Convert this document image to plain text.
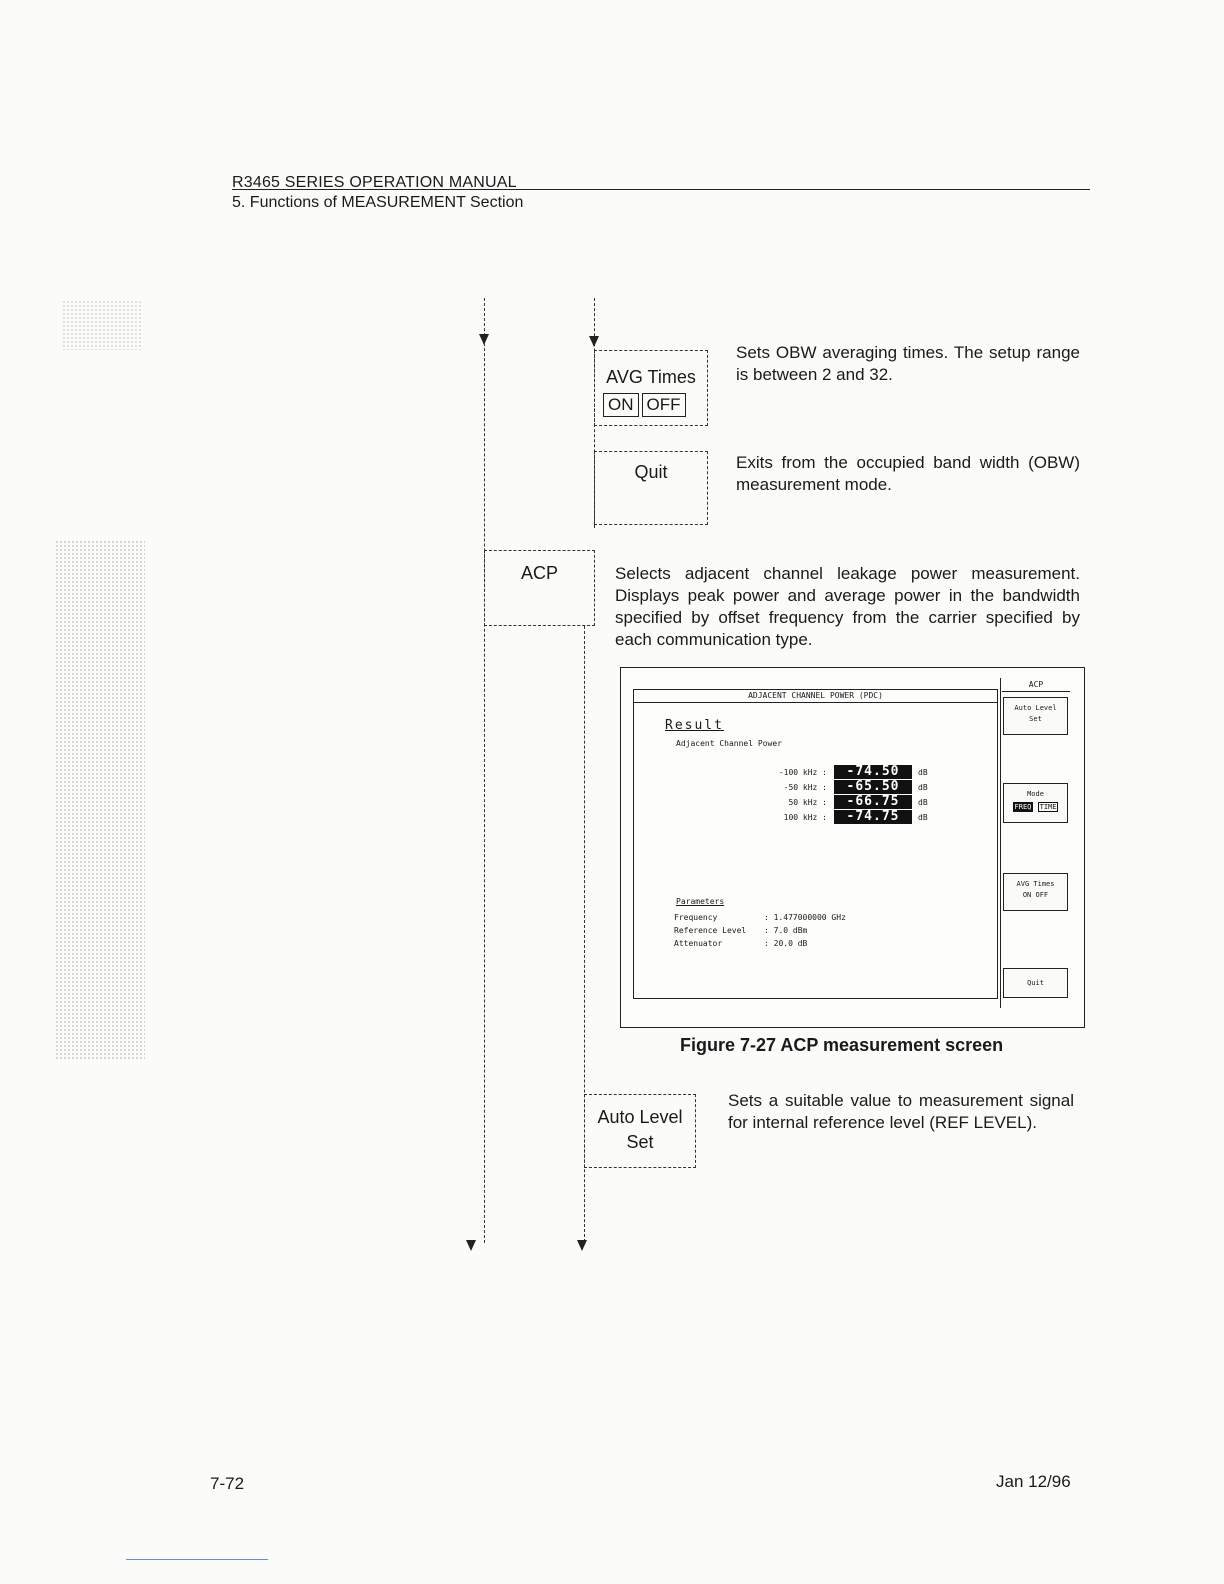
R3465 SERIES OPERATION MANUAL
5. Functions of MEASUREMENT Section
AVG Times
ON OFF
Sets OBW averaging times. The setup range is between 2 and 32.
Quit	Exits from the occupied band width (OBW) measurement mode.
ACP	Selects adjacent channel leakage power measurement. Displays peak power and average power in the bandwidth specified by offset frequency from the carrier specified by each communication type.
ADJACENT CHANNEL POWER (PDC)
Result
Adjacent Channel Power
-100 kHz :	-74.50	dB
-50 kHz :	-65.50	dB
50 kHz :	-66.75	dB
100 kHz :	-74.75	dB
Parameters
Frequency	: 1.477000000 GHz
Reference Level : 7.0 dBm
Attenuator	: 20.0 dB
ACP
Auto Level
Set
Mode
FREQ TIME
AVG Times
ON OFF
Quit
Figure 7-27 ACP measurement screen
Auto Level
Set
Sets a suitable value to measurement signal for internal reference level (REF LEVEL).
7-72	Jan 12/96
